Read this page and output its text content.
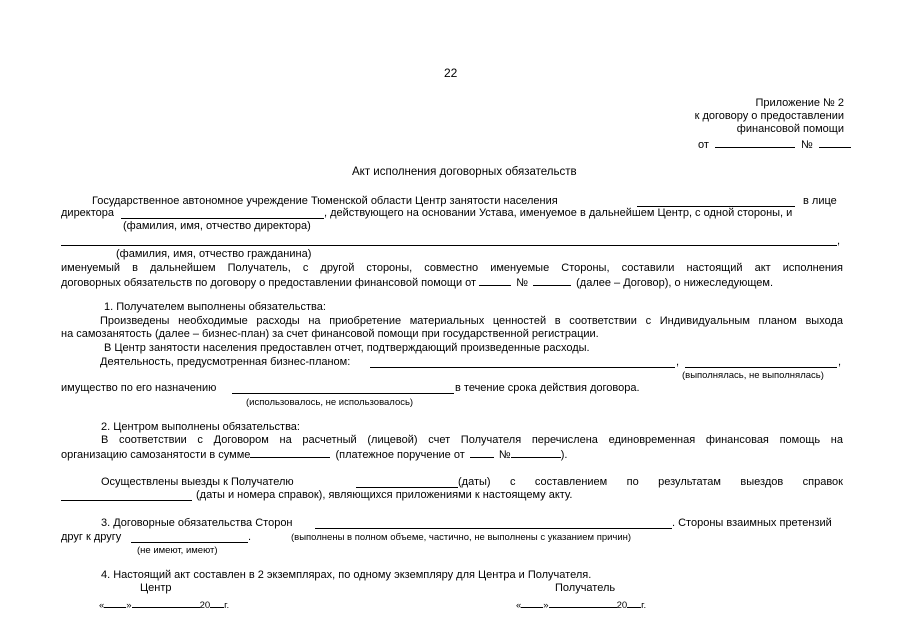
22
Приложение № 2
к договору о предоставлении
финансовой помощи
от	№
Акт исполнения договорных обязательств
Государственное автономное учреждение Тюменской области Центр занятости населения	в лице
директора	, действующего на основании Устава, именуемое в дальнейшем Центр, с одной стороны, и
(фамилия, имя, отчество директора)
,
(фамилия, имя, отчество гражданина)
именуемый в дальнейшем Получатель, с другой стороны, совместно именуемые Стороны, составили настоящий акт исполнения
договорных обязательств по договору о предоставлении финансовой помощи от	№	(далее – Договор), о нижеследующем.
1. Получателем выполнены обязательства:
Произведены необходимые расходы на приобретение материальных ценностей в соответствии с Индивидуальным планом выхода
на самозанятость (далее – бизнес-план) за счет финансовой помощи при государственной регистрации.
В Центр занятости населения предоставлен отчет, подтверждающий произведенные расходы.
Деятельность, предусмотренная бизнес-планом:	,	,
(выполнялась, не выполнялась)
имущество по его назначению	в течение срока действия договора.
(использовалось, не использовалось)
2. Центром выполнены обязательства:
В соответствии с Договором на расчетный (лицевой) счет Получателя перечислена единовременная финансовая помощь на
организацию самозанятости в сумме	(платежное поручение от	№	).
Осуществлены выезды к Получателю	(даты) с составлением по результатам выездов справок
(даты и номера справок), являющихся приложениями к настоящему акту.
3. Договорные обязательства Сторон	. Стороны взаимных претензий
друг к другу	.	(выполнены в полном объеме, частично, не выполнены с указанием причин)
(не имеют, имеют)
4. Настоящий акт составлен в 2 экземплярах, по одному экземпляру для Центра и Получателя.
Центр	Получатель
« »	20 г.	« »	20 г.
